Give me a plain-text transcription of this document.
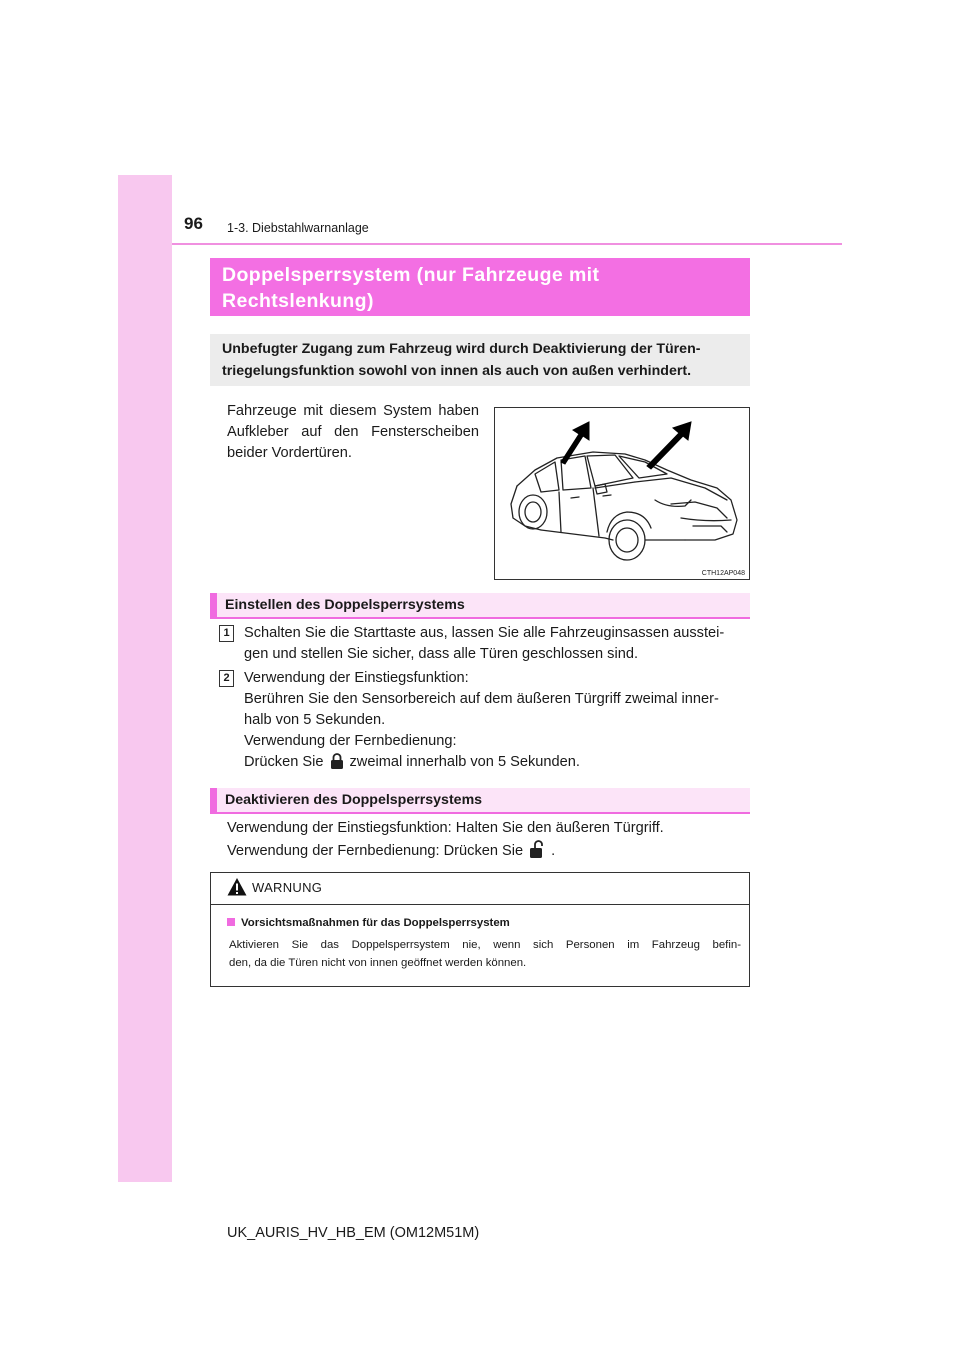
96 1-3. Diebstahlwarnanlage
Doppelsperrsystem (nur Fahrzeuge mit
Rechtslenkung)
Unbefugter Zugang zum Fahrzeug wird durch Deaktivierung der Türen-
triegelungsfunktion sowohl von innen als auch von außen verhindert.
Fahrzeuge mit diesem System haben
Aufkleber auf den Fensterscheiben
beider Vordertüren.
CTH12AP048
Einstellen des Doppelsperrsystems
1 Schalten Sie die Starttaste aus, lassen Sie alle Fahrzeuginsassen ausstei-
gen und stellen Sie sicher, dass alle Türen geschlossen sind.
2 Verwendung der Einstiegsfunktion:
Berühren Sie den Sensorbereich auf dem äußeren Türgriff zweimal inner-
halb von 5 Sekunden.
Verwendung der Fernbedienung:
Drücken Sie zweimal innerhalb von 5 Sekunden.
Deaktivieren des Doppelsperrsystems
Verwendung der Einstiegsfunktion: Halten Sie den äußeren Türgriff.
Verwendung der Fernbedienung: Drücken Sie .
WARNUNG
Vorsichtsmaßnahmen für das Doppelsperrsystem
Aktivieren Sie das Doppelsperrsystem nie, wenn sich Personen im Fahrzeug befin-
den, da die Türen nicht von innen geöffnet werden können.
UK_AURIS_HV_HB_EM (OM12M51M)
